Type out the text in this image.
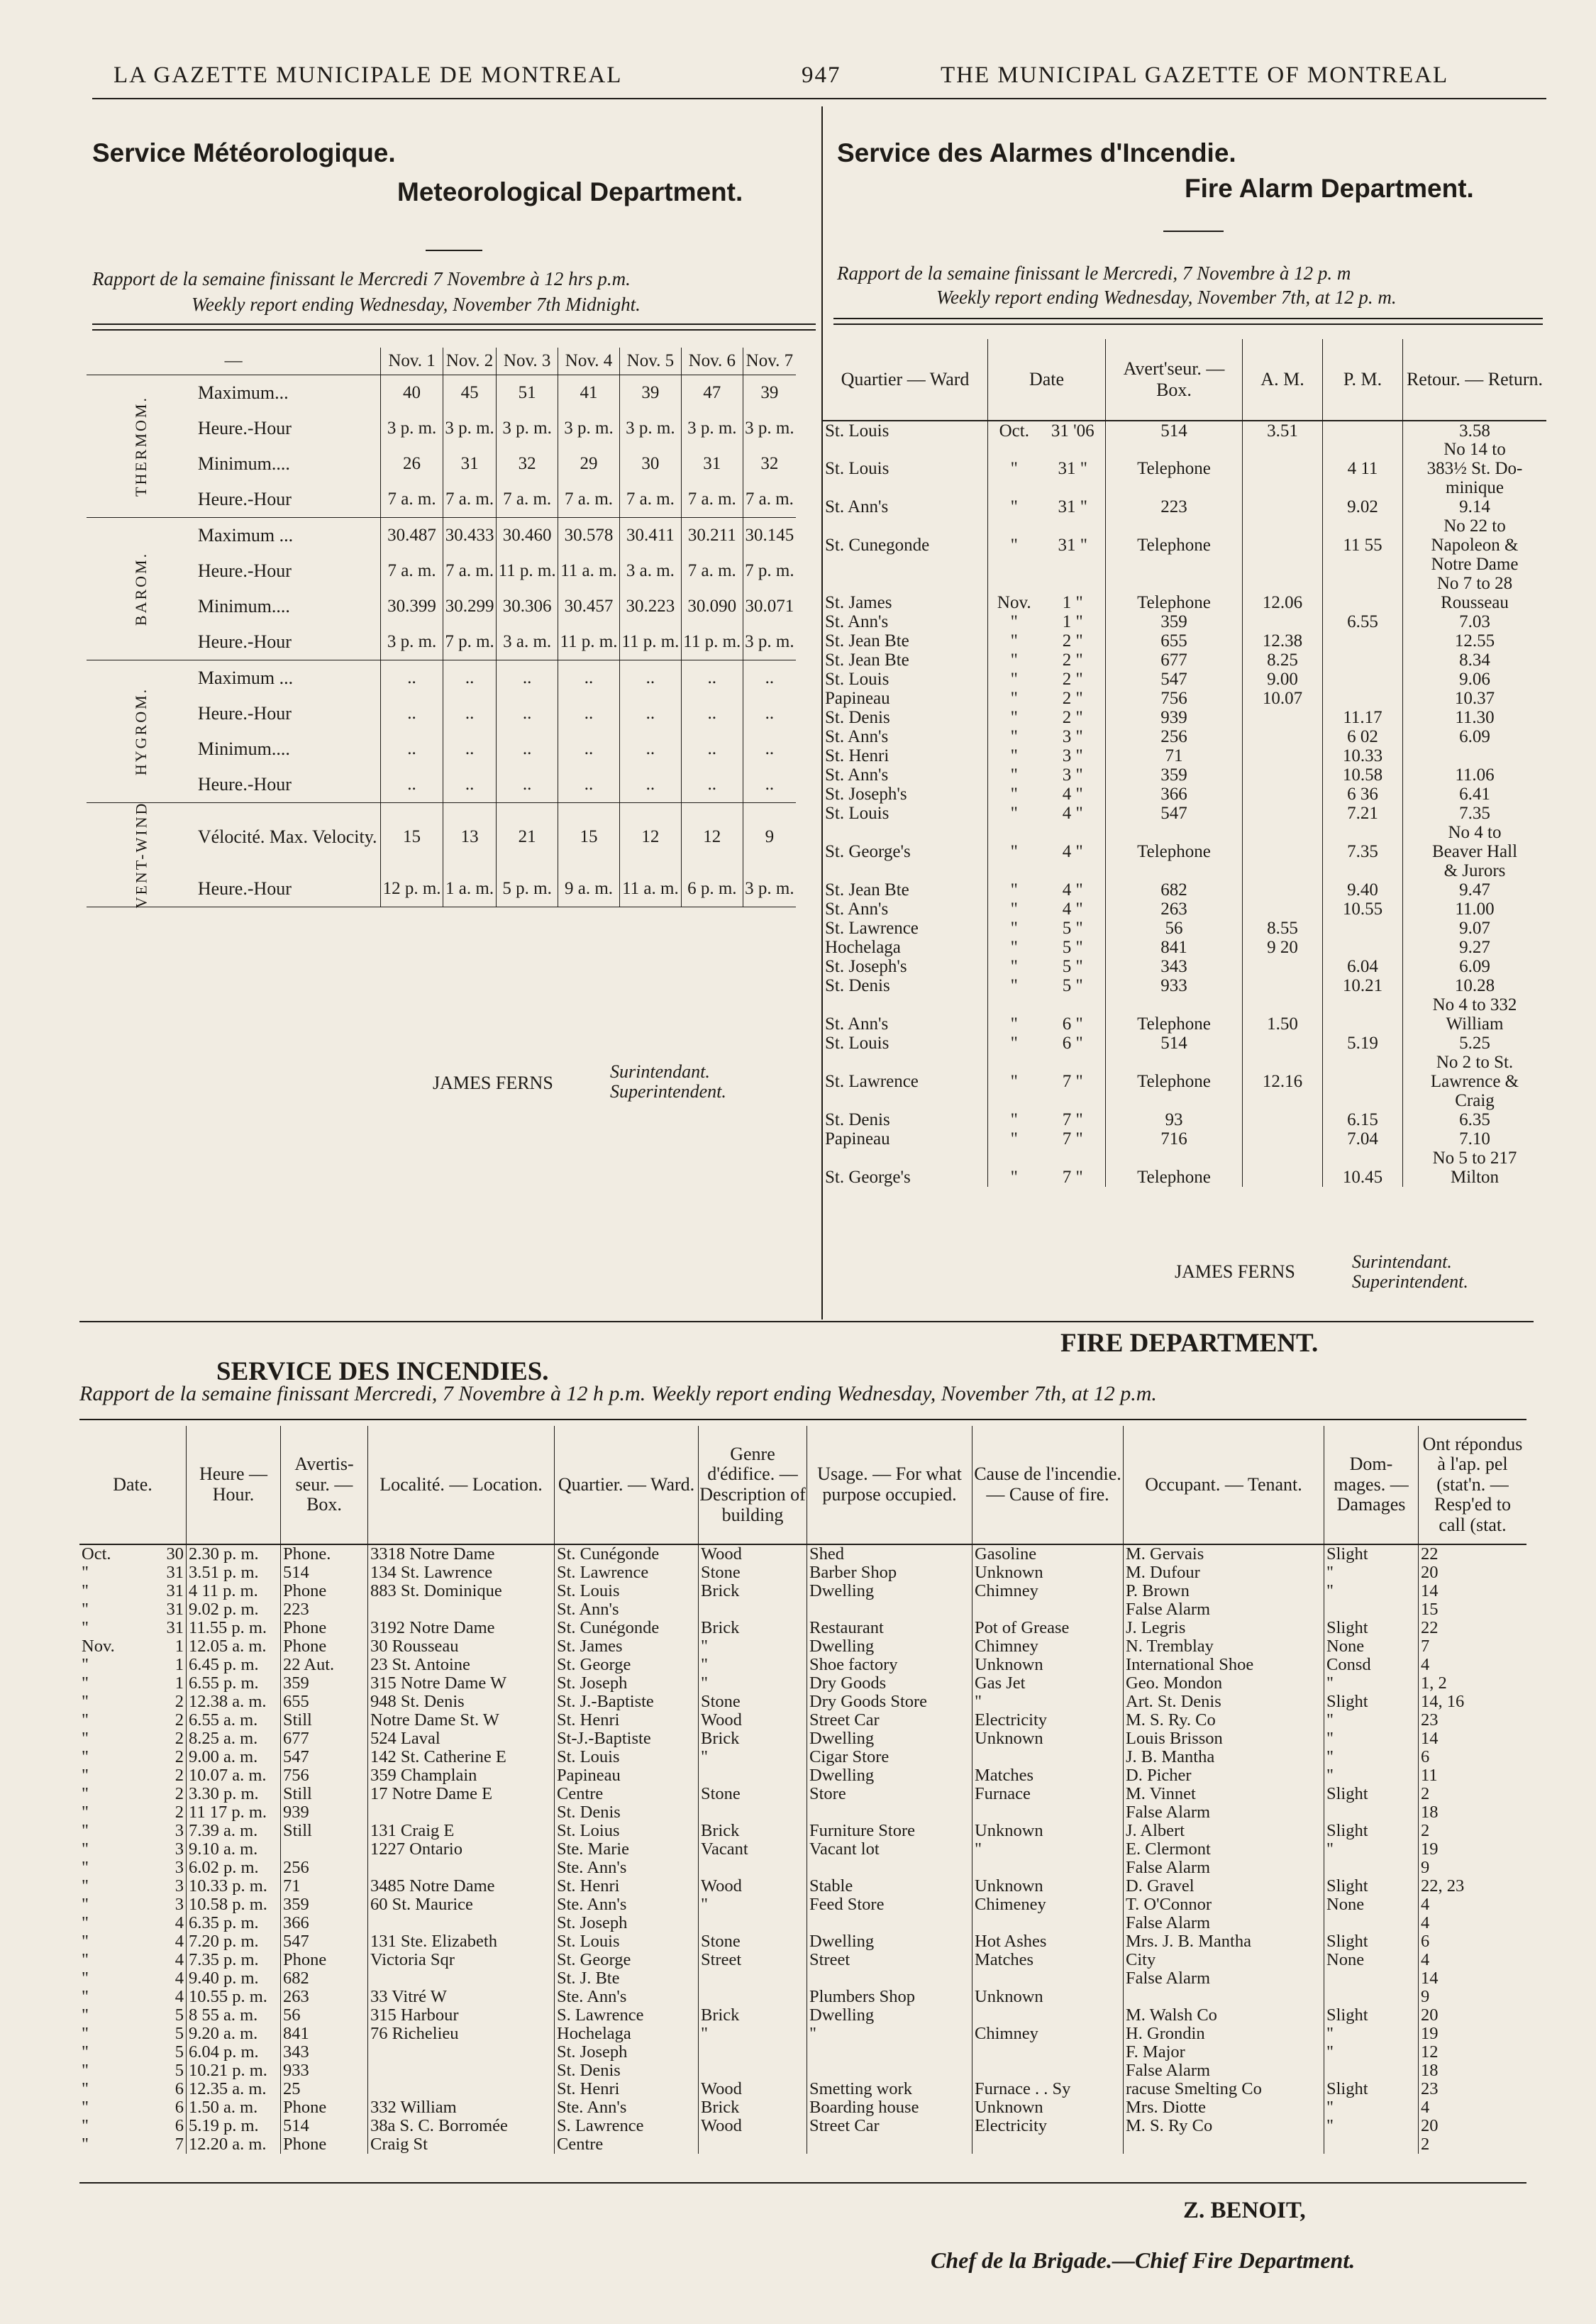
LA GAZETTE MUNICIPALE DE MONTREAL	947	THE MUNICIPAL GAZETTE OF MONTREAL
Service Météorologique.
Meteorological Department.
Rapport de la semaine finissant le Mercredi 7 Novembre à 12 hrs p.m.
Weekly report ending Wednesday, November 7th Midnight.
—		Nov. 1	Nov. 2	Nov. 3	Nov. 4	Nov. 5	Nov. 6	Nov. 7
THERMOM.	Maximum...	40	45	51	41	39	47	39
	Heure.-Hour	3 p. m.	3 p. m.	3 p. m.	3 p. m.	3 p. m.	3 p. m.	3 p. m.
	Minimum....	26	31	32	29	30	31	32
	Heure.-Hour	7 a. m.	7 a. m.	7 a. m.	7 a. m.	7 a. m.	7 a. m.	7 a. m.
BAROM.	Maximum ...	30.487	30.433	30.460	30.578	30.411	30.211	30.145
	Heure.-Hour	7 a. m.	7 a. m.	11 p. m.	11 a. m.	3 a. m.	7 a. m.	7 p. m.
	Minimum....	30.399	30.299	30.306	30.457	30.223	30.090	30.071
	Heure.-Hour	3 p. m.	7 p. m.	3 a. m.	11 p. m.	11 p. m.	11 p. m.	3 p. m.
HYGROM.	Maximum ...	..	..	..	..	..	..	..
	Heure.-Hour	..	..	..	..	..	..	..
	Minimum....	..	..	..	..	..	..	..
	Heure.-Hour	..	..	..	..	..	..	..
VENT-WIND	Vélocité. Max. Velocity.	15	13	21	15	12	12	9
	Heure.-Hour	12 p. m.	1 a. m.	5 p. m.	9 a. m.	11 a. m.	6 p. m.	3 p. m.
JAMES FERNS
Surintendant.
Superintendent.
Service des Alarmes d'Incendie.
Fire Alarm Department.
Rapport de la semaine finissant le Mercredi, 7 Novembre à 12 p. m
Weekly report ending Wednesday, November 7th, at 12 p. m.
Quartier — Ward	Date		Avert'seur. — Box.	A. M.	P. M.	Retour. — Return.
St. Louis	Oct.	31 '06	514	3.51		3.58
						No 14 to
St. Louis	"	31 "	Telephone		4 11	383½ St. Do-
						minique
St. Ann's	"	31 "	223		9.02	9.14
						No 22 to
St. Cunegonde	"	31 "	Telephone		11 55	Napoleon &
						Notre Dame
						No 7 to 28
St. James	Nov.	1 "	Telephone	12.06		Rousseau
St. Ann's	"	1 "	359		6.55	7.03
St. Jean Bte	"	2 "	655	12.38		12.55
St. Jean Bte	"	2 "	677	8.25		8.34
St. Louis	"	2 "	547	9.00		9.06
Papineau	"	2 "	756	10.07		10.37
St. Denis	"	2 "	939		11.17	11.30
St. Ann's	"	3 "	256		6 02	6.09
St. Henri	"	3 "	71		10.33	
St. Ann's	"	3 "	359		10.58	11.06
St. Joseph's	"	4 "	366		6 36	6.41
St. Louis	"	4 "	547		7.21	7.35
						No 4 to
St. George's	"	4 "	Telephone		7.35	Beaver Hall
						& Jurors
St. Jean Bte	"	4 "	682		9.40	9.47
St. Ann's	"	4 "	263		10.55	11.00
St. Lawrence	"	5 "	56	8.55		9.07
Hochelaga	"	5 "	841	9 20		9.27
St. Joseph's	"	5 "	343		6.04	6.09
St. Denis	"	5 "	933		10.21	10.28
						No 4 to 332
St. Ann's	"	6 "	Telephone	1.50		William
St. Louis	"	6 "	514		5.19	5.25
						No 2 to St.
St. Lawrence	"	7 "	Telephone	12.16		Lawrence &
						Craig
St. Denis	"	7 "	93		6.15	6.35
Papineau	"	7 "	716		7.04	7.10
						No 5 to 217
St. George's	"	7 "	Telephone		10.45	Milton
JAMES FERNS	Surintendant.
Superintendent.
SERVICE DES INCENDIES.
FIRE DEPARTMENT.
Rapport de la semaine finissant Mercredi, 7 Novembre à 12 h p.m. Weekly report ending Wednesday, November 7th, at 12 p.m.
Date.		Heure — Hour.	Avertis-seur. — Box.	Localité. — Location.	Quartier. — Ward.	Genre d'édifice. — Description of building	Usage. — For what purpose occupied.	Cause de l'incendie. — Cause of fire.	Occupant. — Tenant.	Dom-mages. — Damages	Ont répondus à l'ap. pel (stat'n. — Resp'ed to call (stat.
Oct.	30	2.30 p. m.	Phone.	3318 Notre Dame	St. Cunégonde	Wood	Shed	Gasoline	M. Gervais	Slight	22
"	31	3.51 p. m.	514	134 St. Lawrence	St. Lawrence	Stone	Barber Shop	Unknown	M. Dufour	"	20
"	31	4 11 p. m.	Phone	883 St. Dominique	St. Louis	Brick	Dwelling	Chimney	P. Brown	"	14
"	31	9.02 p. m.	223		St. Ann's				False Alarm		15
"	31	11.55 p. m.	Phone	3192 Notre Dame	St. Cunégonde	Brick	Restaurant	Pot of Grease	J. Legris	Slight	22
Nov.	1	12.05 a. m.	Phone	30 Rousseau	St. James	"	Dwelling	Chimney	N. Tremblay	None	7
"	1	6.45 p. m.	22 Aut.	23 St. Antoine	St. George	"	Shoe factory	Unknown	International Shoe	Consd	4
"	1	6.55 p. m.	359	315 Notre Dame W	St. Joseph	"	Dry Goods	Gas Jet	Geo. Mondon	"	1, 2
"	2	12.38 a. m.	655	948 St. Denis	St. J.-Baptiste	Stone	Dry Goods Store	"	Art. St. Denis	Slight	14, 16
"	2	6.55 a. m.	Still	Notre Dame St. W	St. Henri	Wood	Street Car	Electricity	M. S. Ry. Co	"	23
"	2	8.25 a. m.	677	524 Laval	St-J.-Baptiste	Brick	Dwelling	Unknown	Louis Brisson	"	14
"	2	9.00 a. m.	547	142 St. Catherine E	St. Louis	"	Cigar Store		J. B. Mantha	"	6
"	2	10.07 a. m.	756	359 Champlain	Papineau		Dwelling	Matches	D. Picher	"	11
"	2	3.30 p. m.	Still	17 Notre Dame E	Centre	Stone	Store	Furnace	M. Vinnet	Slight	2
"	2	11 17 p. m.	939		St. Denis				False Alarm		18
"	3	7.39 a. m.	Still	131 Craig E	St. Loius	Brick	Furniture Store	Unknown	J. Albert	Slight	2
"	3	9.10 a. m.		1227 Ontario	Ste. Marie	Vacant	Vacant lot	"	E. Clermont	"	19
"	3	6.02 p. m.	256		Ste. Ann's				False Alarm		9
"	3	10.33 p. m.	71	3485 Notre Dame	St. Henri	Wood	Stable	Unknown	D. Gravel	Slight	22, 23
"	3	10.58 p. m.	359	60 St. Maurice	Ste. Ann's	"	Feed Store	Chimeney	T. O'Connor	None	4
"	4	6.35 p. m.	366		St. Joseph				False Alarm		4
"	4	7.20 p. m.	547	131 Ste. Elizabeth	St. Louis	Stone	Dwelling	Hot Ashes	Mrs. J. B. Mantha	Slight	6
"	4	7.35 p. m.	Phone	Victoria Sqr	St. George	Street	Street	Matches	City	None	4
"	4	9.40 p. m.	682		St. J. Bte				False Alarm		14
"	4	10.55 p. m.	263	33 Vitré W	Ste. Ann's		Plumbers Shop	Unknown			9
"	5	8 55 a. m.	56	315 Harbour	S. Lawrence	Brick	Dwelling		M. Walsh Co	Slight	20
"	5	9.20 a. m.	841	76 Richelieu	Hochelaga	"	"	Chimney	H. Grondin	"	19
"	5	6.04 p. m.	343		St. Joseph				F. Major	"	12
"	5	10.21 p. m.	933		St. Denis				False Alarm		18
"	6	12.35 a. m.	25		St. Henri	Wood	Smetting work	Furnace . . Sy	racuse Smelting Co	Slight	23
"	6	1.50 a. m.	Phone	332 William	Ste. Ann's	Brick	Boarding house	Unknown	Mrs. Diotte	"	4
"	6	5.19 p. m.	514	38a S. C. Borromée	S. Lawrence	Wood	Street Car	Electricity	M. S. Ry Co	"	20
"	7	12.20 a. m.	Phone	Craig St	Centre						2
Z. BENOIT,
Chef de la Brigade.—Chief Fire Department.
